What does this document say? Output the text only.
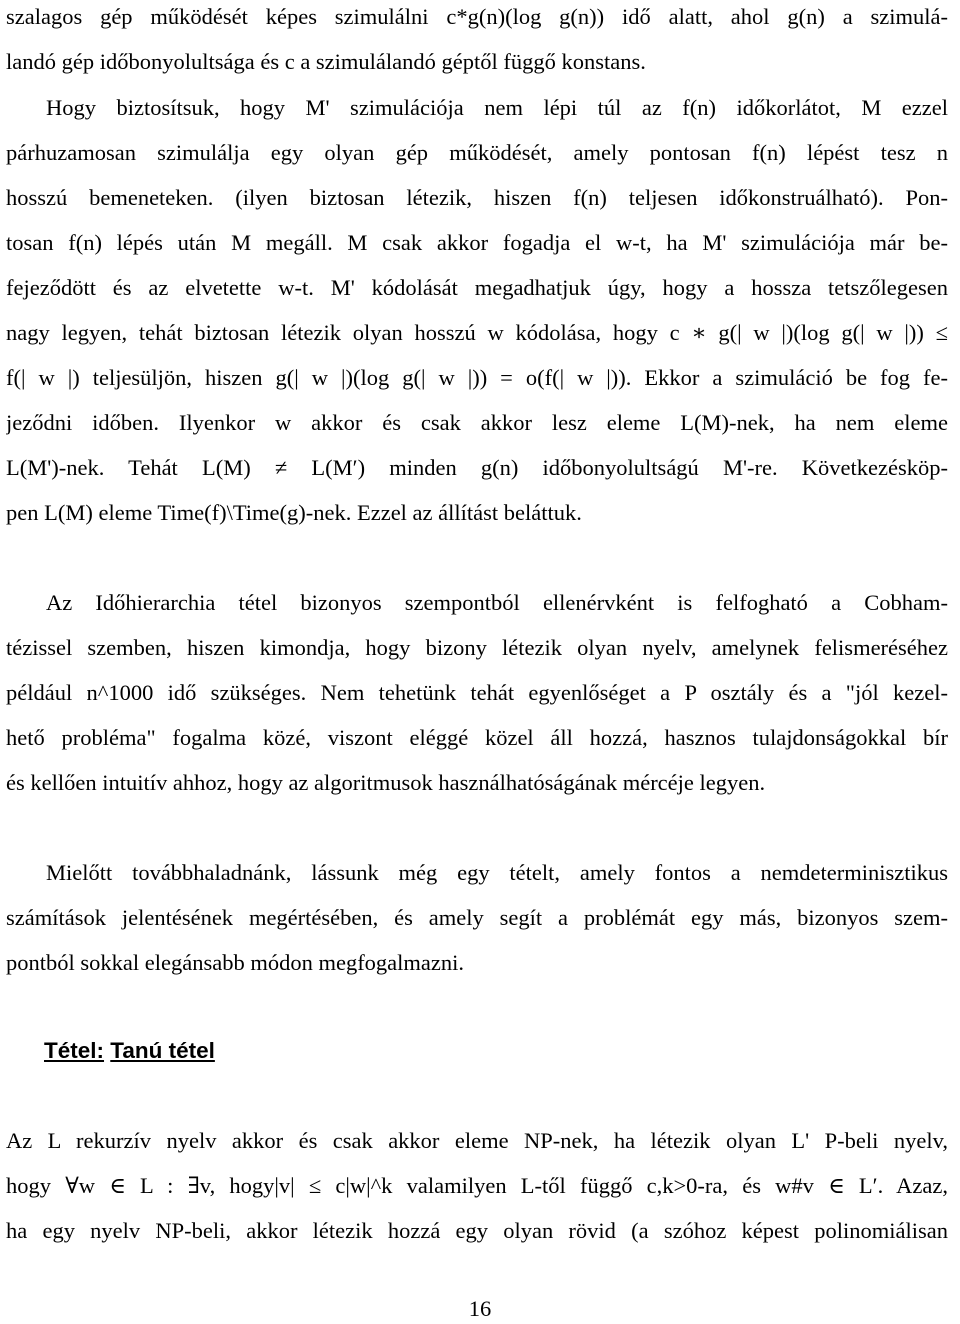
szalagos gép működését képes szimulálni c*g(n)(log g(n)) idő alatt, ahol g(n) a szimulá-
landó gép időbonyolultsága és c a szimulálandó géptől függő konstans.
Hogy biztosítsuk, hogy M' szimulációja nem lépi túl az f(n) időkorlátot, M ezzel
párhuzamosan szimulálja egy olyan gép működését, amely pontosan f(n) lépést tesz n
hosszú bemeneteken. (ilyen biztosan létezik, hiszen f(n) teljesen időkonstruálható). Pon-
tosan f(n) lépés után M megáll. M csak akkor fogadja el w-t, ha M' szimulációja már be-
fejeződött és az elvetette w-t. M' kódolását megadhatjuk úgy, hogy a hossza tetszőlegesen
nagy legyen, tehát biztosan létezik olyan hosszú w kódolása, hogy c ∗ g(| w |)(log g(| w |)) ≤
f(| w |) teljesüljön, hiszen g(| w |)(log g(| w |)) = o(f(| w |)). Ekkor a szimuláció be fog fe-
jeződni időben. Ilyenkor w akkor és csak akkor lesz eleme L(M)-nek, ha nem eleme
L(M')-nek. Tehát L(M) ≠ L(M′) minden g(n) időbonyolultságú M'-re. Következésköp-
pen L(M) eleme Time(f)\Time(g)-nek. Ezzel az állítást beláttuk.
Az Időhierarchia tétel bizonyos szempontból ellenérvként is felfogható a Cobham-
tézissel szemben, hiszen kimondja, hogy bizony létezik olyan nyelv, amelynek felismeréséhez
például n^1000 idő szükséges. Nem tehetünk tehát egyenlőséget a P osztály és a "jól kezel-
hető probléma" fogalma közé, viszont eléggé közel áll hozzá, hasznos tulajdonságokkal bír
és kellően intuitív ahhoz, hogy az algoritmusok használhatóságának mércéje legyen.
Mielőtt továbbhaladnánk, lássunk még egy tételt, amely fontos a nemdeterminisztikus
számítások jelentésének megértésében, és amely segít a problémát egy más, bizonyos szem-
pontból sokkal elegánsabb módon megfogalmazni.
Tétel: Tanú tétel
Az L rekurzív nyelv akkor és csak akkor eleme NP-nek, ha létezik olyan L' P-beli nyelv,
hogy ∀w ∈ L : ∃v, hogy|v| ≤ c|w|^k valamilyen L-től függő c,k>0-ra, és w#v ∈ L′. Azaz,
ha egy nyelv NP-beli, akkor létezik hozzá egy olyan rövid (a szóhoz képest polinomiálisan
16
